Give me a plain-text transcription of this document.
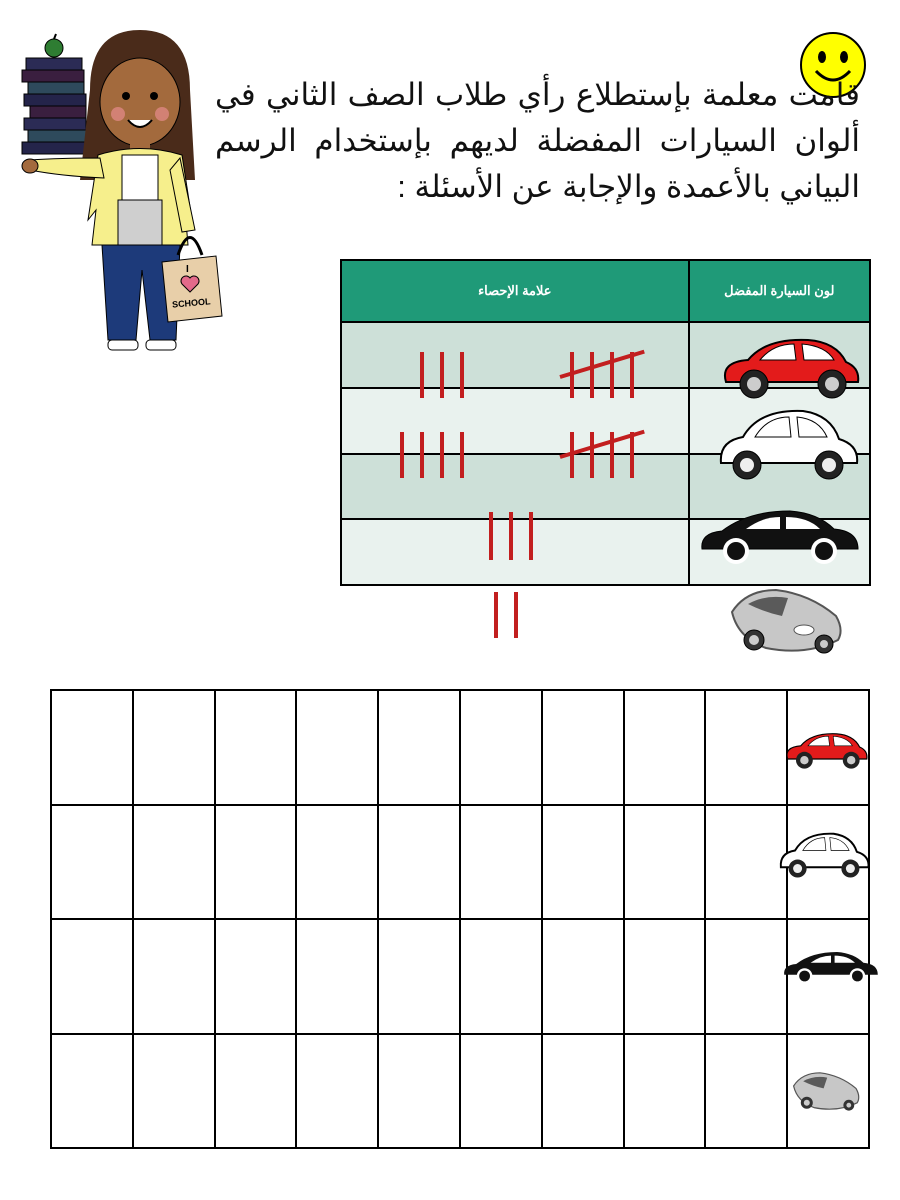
I
SCHOOL
قامت معلمة بإستطلاع رأي طلاب الصف الثاني في ألوان السيارات المفضلة لديهم بإستخدام الرسم البياني بالأعمدة والإجابة عن الأسئلة :
علامة الإحصاء	لون السيارة المفضل
